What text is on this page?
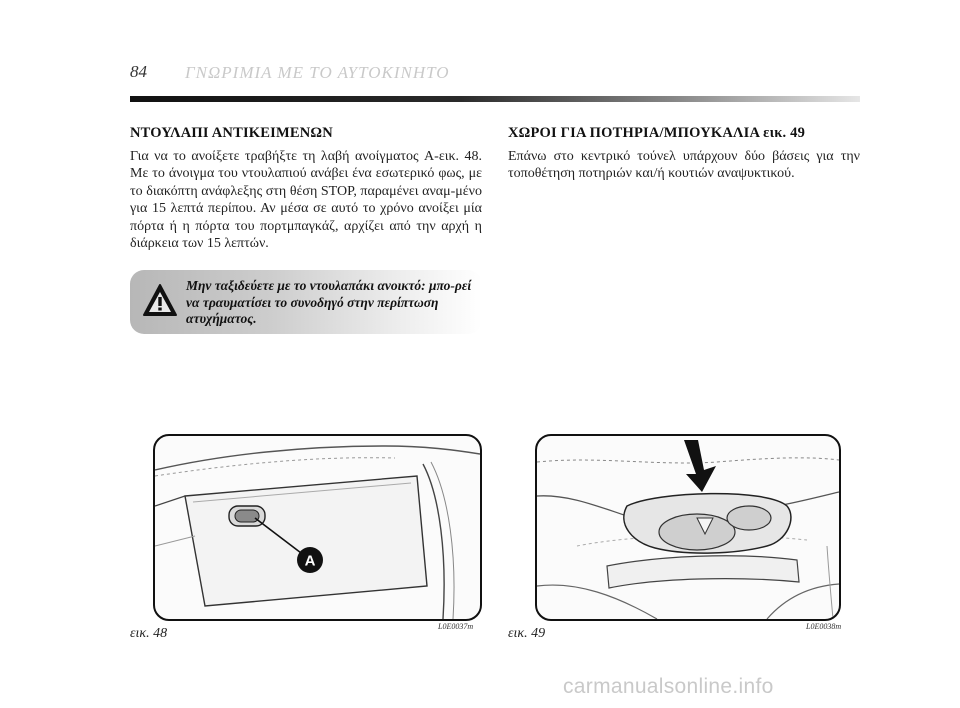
84 ΓΝΩΡΙΜΙΑ ΜΕ ΤΟ ΑΥΤΟΚΙΝΗΤΟ
ΝΤΟΥΛΑΠΙ ΑΝΤΙΚΕΙΜΕΝΩΝ
Για να το ανοίξετε τραβήξτε τη λαβή ανοίγματος A-εικ. 48. Με το άνοιγμα του ντουλαπιού ανάβει ένα εσωτερικό φως, με το διακόπτη ανάφλεξης στη θέση STOP, παραμένει αναμ-μένο για 15 λεπτά περίπου. Αν μέσα σε αυτό το χρόνο ανοίξει μία πόρτα ή η πόρτα του πορτμπαγκάζ, αρχίζει από την αρχή η διάρκεια των 15 λεπτών.
Μην ταξιδεύετε με το ντουλαπάκι ανοικτό: μπο-ρεί να τραυματίσει το συνοδηγό στην περίπτωση ατυχήματος.
ΧΩΡΟΙ ΓΙΑ ΠΟΤΗΡΙΑ/ΜΠΟΥΚΑΛΙΑ εικ. 49
Επάνω στο κεντρικό τούνελ υπάρχουν δύο βάσεις για την τοποθέτηση ποτηριών και/ή κουτιών αναψυκτικού.
A
εικ. 48	L0E0037m εικ. 49	L0E0038m
carmanualsonline.info
